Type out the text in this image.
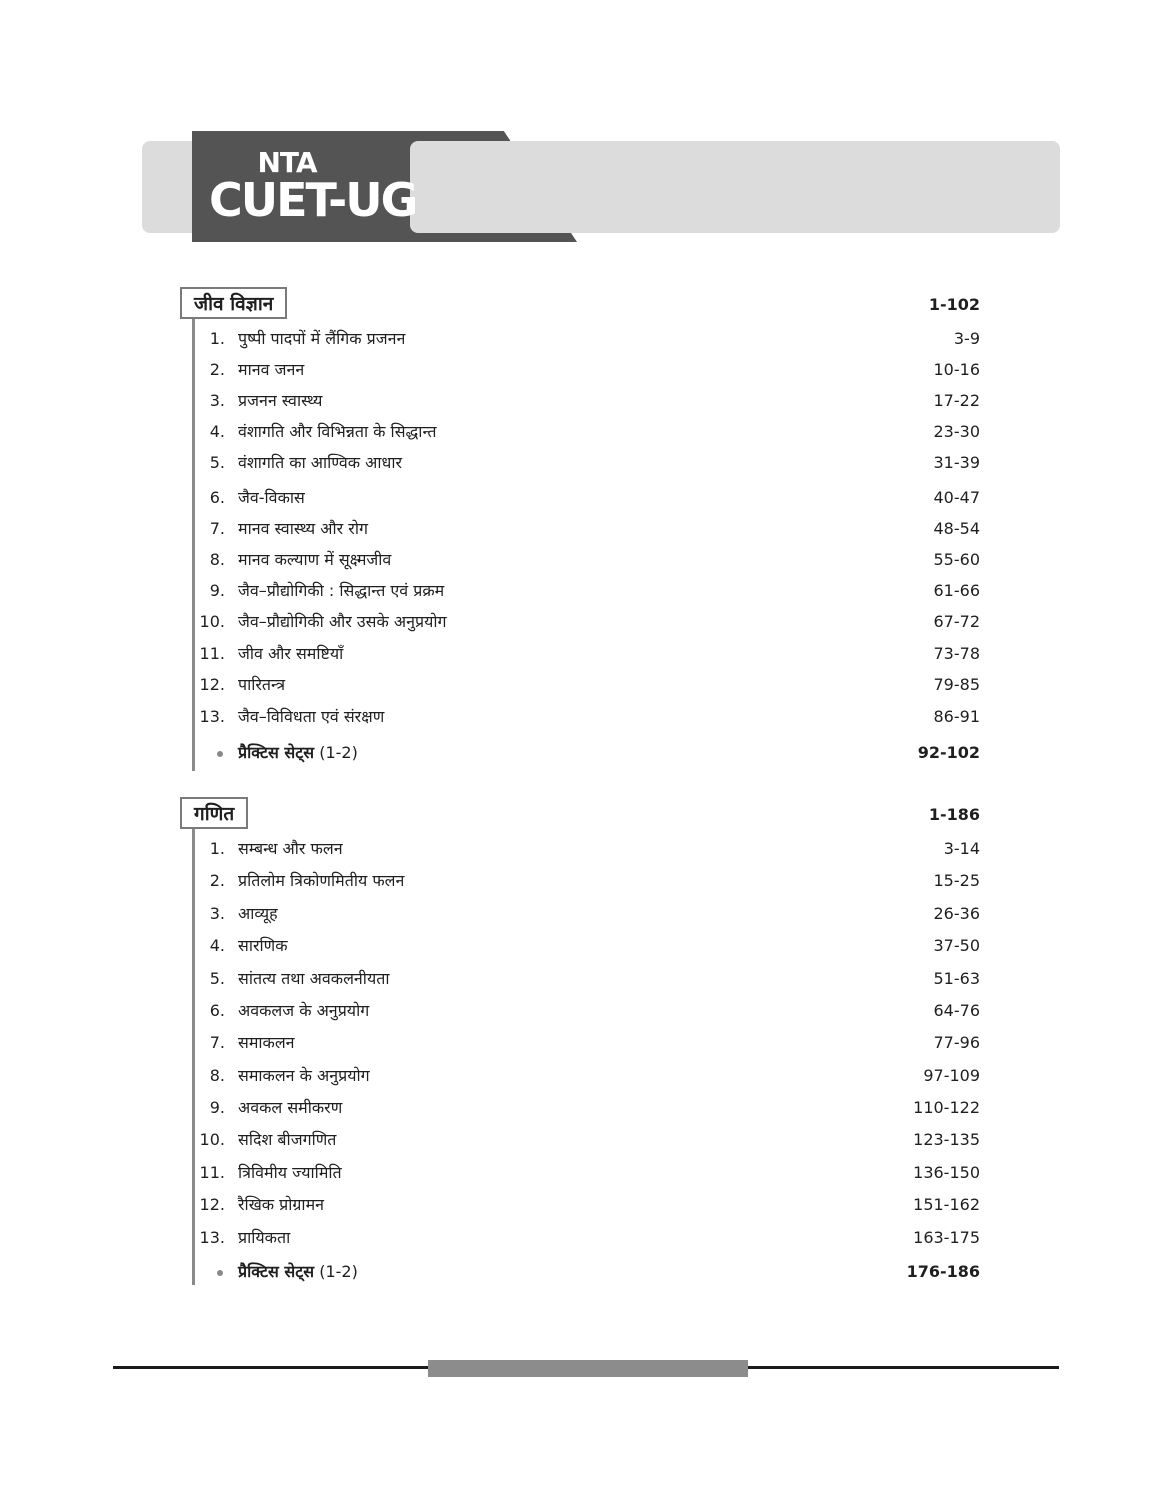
NTA
CUET-UG
जीव विज्ञान	1-102
1. पुष्पी पादपों में लैंगिक प्रजनन	3-9
2. मानव जनन	10-16
3. प्रजनन स्वास्थ्य	17-22
4. वंशागति और विभिन्नता के सिद्धान्त	23-30
5. वंशागति का आण्विक आधार	31-39
6. जैव-विकास	40-47
7. मानव स्वास्थ्य और रोग	48-54
8. मानव कल्याण में सूक्ष्मजीव	55-60
9. जैव–प्रौद्योगिकी : सिद्धान्त एवं प्रक्रम	61-66
10. जैव–प्रौद्योगिकी और उसके अनुप्रयोग	67-72
11. जीव और समष्टियाँ	73-78
12. पारितन्त्र	79-85
13. जैव–विविधता एवं संरक्षण	86-91
प्रैक्टिस सेट्स (1-2)	92-102
गणित	1-186
1. सम्बन्ध और फलन	3-14
2. प्रतिलोम त्रिकोणमितीय फलन	15-25
3. आव्यूह	26-36
4. सारणिक	37-50
5. सांतत्य तथा अवकलनीयता	51-63
6. अवकलज के अनुप्रयोग	64-76
7. समाकलन	77-96
8. समाकलन के अनुप्रयोग	97-109
9. अवकल समीकरण	110-122
10. सदिश बीजगणित	123-135
11. त्रिविमीय ज्यामिति	136-150
12. रैखिक प्रोग्रामन	151-162
13. प्रायिकता	163-175
प्रैक्टिस सेट्स (1-2)	176-186
